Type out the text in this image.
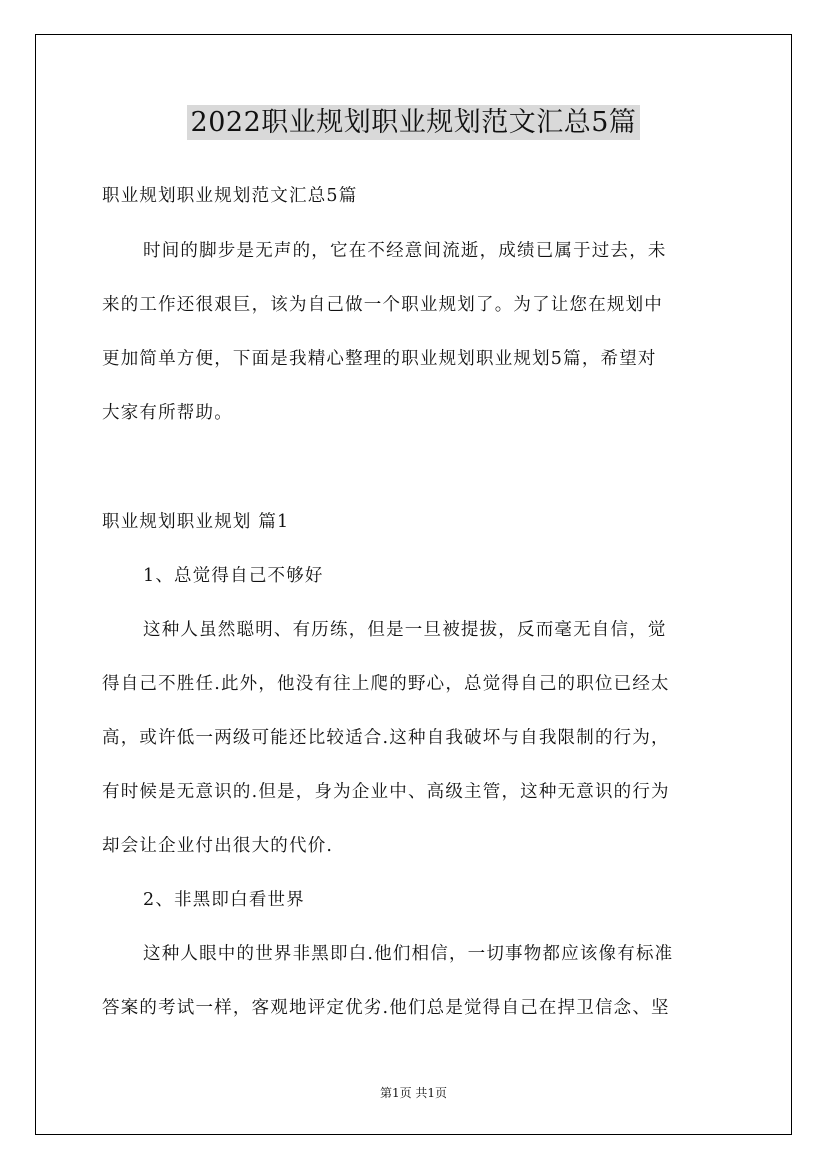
2022职业规划职业规划范文汇总5篇
职业规划职业规划范文汇总5篇
时间的脚步是无声的，它在不经意间流逝，成绩已属于过去，未
来的工作还很艰巨，该为自己做一个职业规划了。为了让您在规划中
更加简单方便，下面是我精心整理的职业规划职业规划5篇，希望对
大家有所帮助。
职业规划职业规划 篇1
1、总觉得自己不够好
这种人虽然聪明、有历练，但是一旦被提拔，反而毫无自信，觉
得自己不胜任.此外，他没有往上爬的野心，总觉得自己的职位已经太
高，或许低一两级可能还比较适合.这种自我破坏与自我限制的行为，
有时候是无意识的.但是，身为企业中、高级主管，这种无意识的行为
却会让企业付出很大的代价.
2、非黑即白看世界
这种人眼中的世界非黑即白.他们相信，一切事物都应该像有标准
答案的考试一样，客观地评定优劣.他们总是觉得自己在捍卫信念、坚
第1页 共1页
